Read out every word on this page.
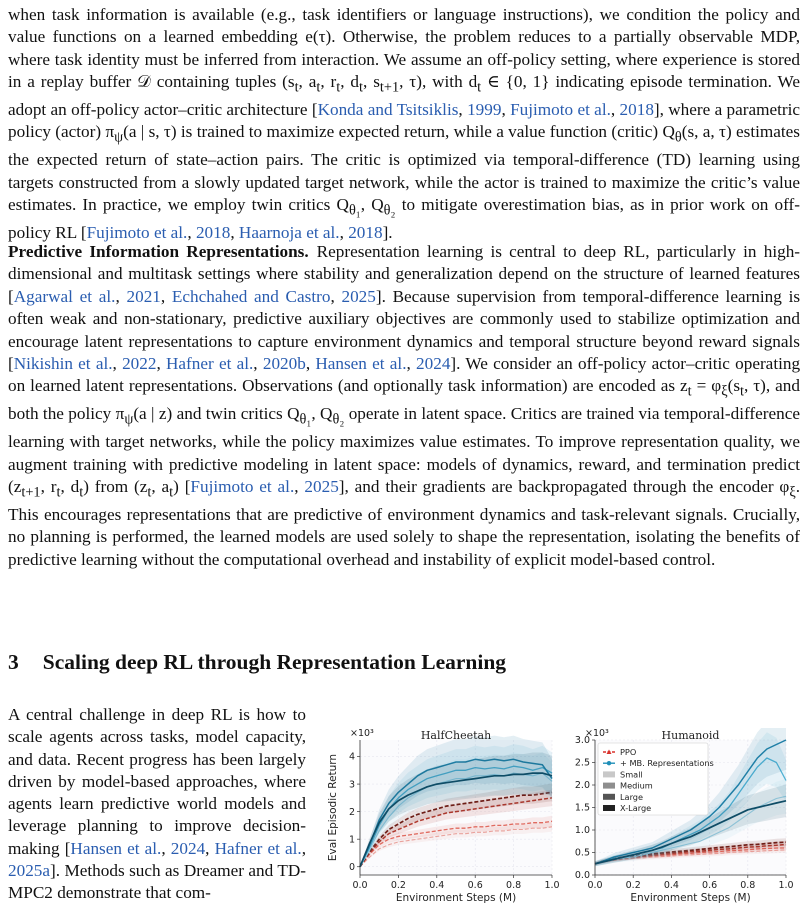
when task information is available (e.g., task identifiers or language instructions), we condition the policy and value functions on a learned embedding e(τ). Otherwise, the problem reduces to a partially observable MDP, where task identity must be inferred from interaction. We assume an off-policy setting, where experience is stored in a replay buffer 𝒟 containing tuples ($s_t$, $a_t$, $r_t$, $d_t$, $s_{t+1}$, τ), with $d_t$ ∈ {0, 1} indicating episode termination. We adopt an off-policy actor–critic architecture [Konda and Tsitsiklis, 1999, Fujimoto et al., 2018], where a parametric policy (actor) $\pi_\psi(a$ | s, τ) is trained to maximize expected return, while a value function (critic) $Q_\theta(s$, a, τ) estimates the expected return of state–action pairs. The critic is optimized via temporal-difference (TD) learning using targets constructed from a slowly updated target network, while the actor is trained to maximize the critic’s value estimates. In practice, we employ twin critics $Q_{\theta_1}$, $Q_{\theta_2}$ to mitigate overestimation bias, as in prior work on off-policy RL [Fujimoto et al., 2018, Haarnoja et al., 2018].

Predictive Information Representations. Representation learning is central to deep RL, particularly in high-dimensional and multitask settings where stability and generalization depend on the structure of learned features [Agarwal et al., 2021, Echchahed and Castro, 2025]. Because supervision from temporal-difference learning is often weak and non-stationary, predictive auxiliary objectives are commonly used to stabilize optimization and encourage latent representations to capture environment dynamics and temporal structure beyond reward signals [Nikishin et al., 2022, Hafner et al., 2020b, Hansen et al., 2024]. We consider an off-policy actor–critic operating on learned latent representations. Observations (and optionally task information) are encoded as $z_t = \varphi_\xi(s_t$, τ), and both the policy $\pi_\psi(a$ | z) and twin critics $Q_{\theta_1}$, $Q_{\theta_2}$ operate in latent space. Critics are trained via temporal-difference learning with target networks, while the policy maximizes value estimates. To improve representation quality, we augment training with predictive modeling in latent space: models of dynamics, reward, and termination predict ($z_{t+1}$, $r_t$, $d_t$) from ($z_t$, $a_t$) [Fujimoto et al., 2025], and their gradients are backpropagated through the encoder $\varphi_\xi$. This encourages representations that are predictive of environment dynamics and task-relevant signals. Crucially, no planning is performed, the learned models are used solely to shape the representation, isolating the benefits of predictive learning without the computational overhead and instability of explicit model-based control.

3 Scaling deep RL through Representation Learning

A central challenge in deep RL is how to scale agents across tasks, model capacity, and data. Recent progress has been largely driven by model-based approaches, where agents learn predictive world models and leverage planning to improve decision-making [Hansen et al., 2024, Hafner et al., 2025a]. Methods such as Dreamer and TD-MPC2 demonstrate that com-	0.0 0.2 0.4 0.6 0.8 1.0
0
1
2
3
4
HalfCheetah
Environment Steps (M)
×10³
Eval Episodic Return
0.0 0.2 0.4 0.6 0.8 1.0
0.0
0.5
1.0
1.5
2.0
2.5
3.0	Humanoid
Environment Steps (M)
×10³
PPO
+ MB. Representations
Small
Medium
Large
X-Large
